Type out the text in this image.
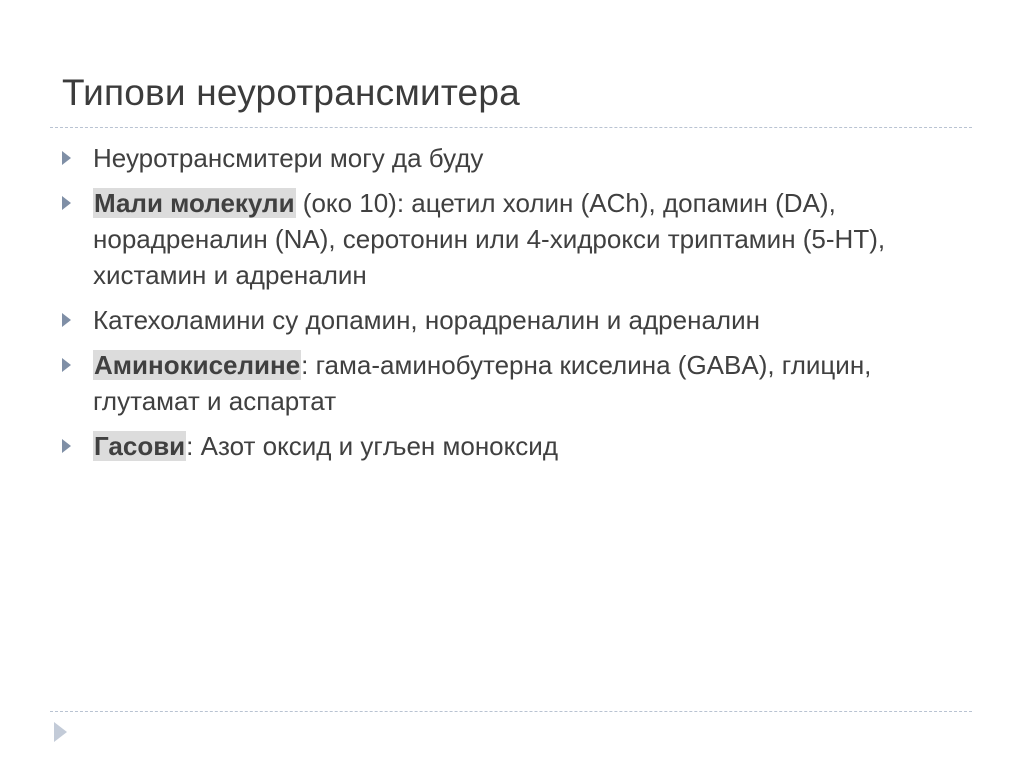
Типови неуротрансмитера
Неуротрансмитери могу да буду
Мали молекули (око 10): ацетил холин (ACh), допамин (DA), норадреналин (NA), серотонин или 4-хидрокси триптамин (5-HT), хистамин и адреналин
Катехоламини су допамин, норадреналин и адреналин
Аминокиселине: гама-аминобутерна киселина (GABA), глицин, глутамат и аспартат
Гасови: Азот оксид и угљен моноксид
